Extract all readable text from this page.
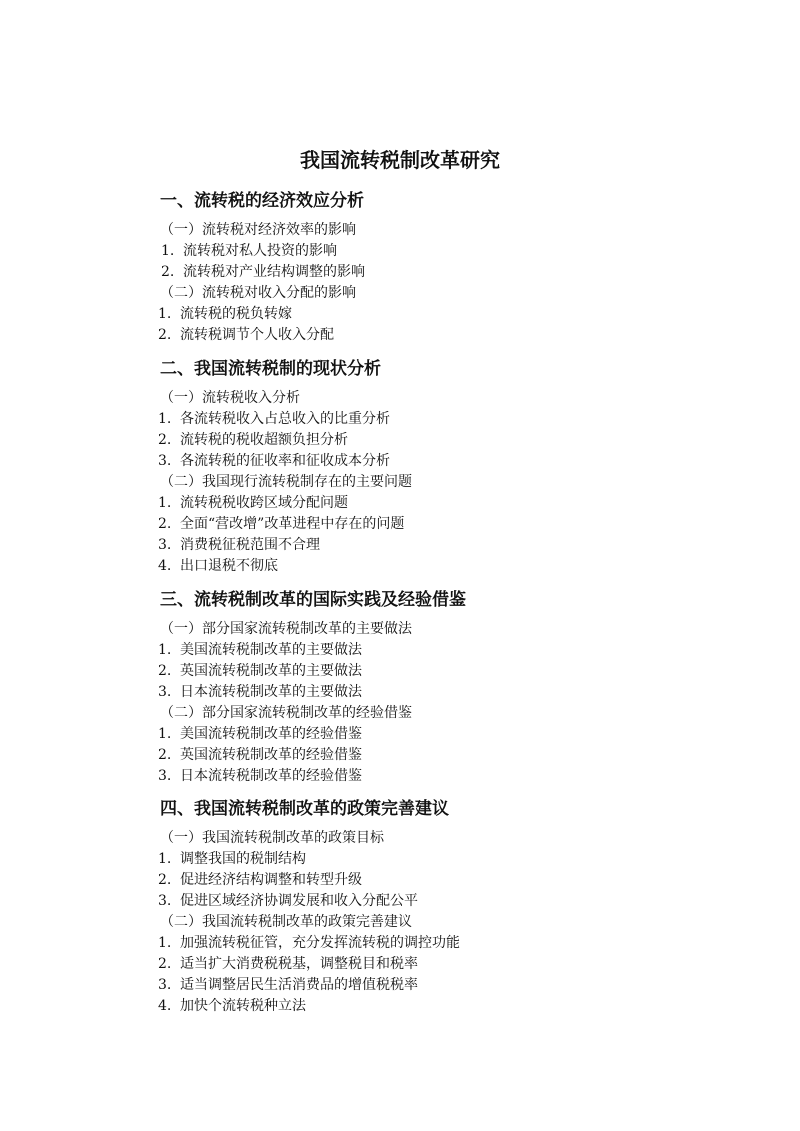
我国流转税制改革研究
一、流转税的经济效应分析
（一）流转税对经济效率的影响
1. 流转税对私人投资的影响
2. 流转税对产业结构调整的影响
（二）流转税对收入分配的影响
1. 流转税的税负转嫁
2. 流转税调节个人收入分配
二、我国流转税制的现状分析
（一）流转税收入分析
1. 各流转税收入占总收入的比重分析
2. 流转税的税收超额负担分析
3. 各流转税的征收率和征收成本分析
（二）我国现行流转税制存在的主要问题
1. 流转税税收跨区域分配问题
2. 全面“营改增”改革进程中存在的问题
3. 消费税征税范围不合理
4. 出口退税不彻底
三、流转税制改革的国际实践及经验借鉴
（一）部分国家流转税制改革的主要做法
1. 美国流转税制改革的主要做法
2. 英国流转税制改革的主要做法
3. 日本流转税制改革的主要做法
（二）部分国家流转税制改革的经验借鉴
1. 美国流转税制改革的经验借鉴
2. 英国流转税制改革的经验借鉴
3. 日本流转税制改革的经验借鉴
四、我国流转税制改革的政策完善建议
（一）我国流转税制改革的政策目标
1. 调整我国的税制结构
2. 促进经济结构调整和转型升级
3. 促进区域经济协调发展和收入分配公平
（二）我国流转税制改革的政策完善建议
1. 加强流转税征管，充分发挥流转税的调控功能
2. 适当扩大消费税税基，调整税目和税率
3. 适当调整居民生活消费品的增值税税率
4. 加快个流转税种立法
